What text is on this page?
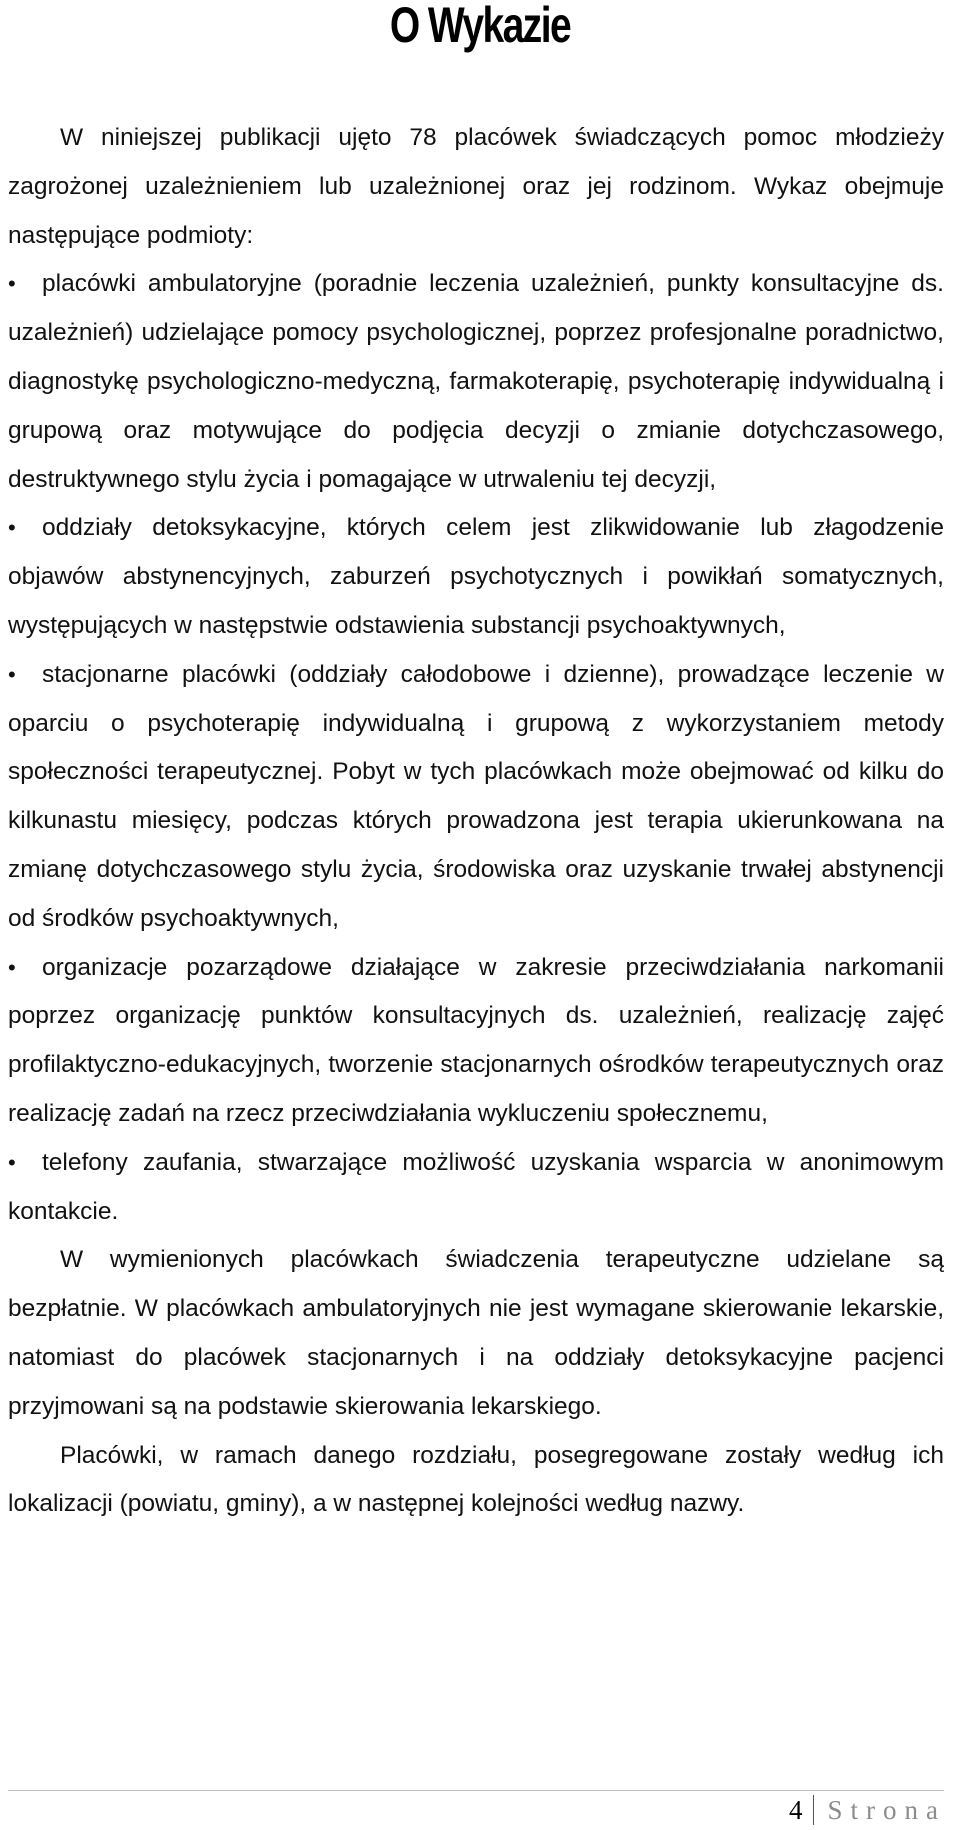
O Wykazie

W niniejszej publikacji ujęto 78 placówek świadczących pomoc młodzieży zagrożonej uzależnieniem lub uzależnionej oraz jej rodzinom. Wykaz obejmuje następujące podmioty:

• placówki ambulatoryjne (poradnie leczenia uzależnień, punkty konsultacyjne ds. uzależnień) udzielające pomocy psychologicznej, poprzez profesjonalne poradnictwo, diagnostykę psychologiczno-medyczną, farmakoterapię, psychoterapię indywidualną i grupową oraz motywujące do podjęcia decyzji o zmianie dotychczasowego, destruktywnego stylu życia i pomagające w utrwaleniu tej decyzji,
• oddziały detoksykacyjne, których celem jest zlikwidowanie lub złagodzenie objawów abstynencyjnych, zaburzeń psychotycznych i powikłań somatycznych, występujących w następstwie odstawienia substancji psychoaktywnych,
• stacjonarne placówki (oddziały całodobowe i dzienne), prowadzące leczenie w oparciu o psychoterapię indywidualną i grupową z wykorzystaniem metody społeczności terapeutycznej. Pobyt w tych placówkach może obejmować od kilku do kilkunastu miesięcy, podczas których prowadzona jest terapia ukierunkowana na zmianę dotychczasowego stylu życia, środowiska oraz uzyskanie trwałej abstynencji od środków psychoaktywnych,
• organizacje pozarządowe działające w zakresie przeciwdziałania narkomanii poprzez organizację punktów konsultacyjnych ds. uzależnień, realizację zajęć profilaktyczno-edukacyjnych, tworzenie stacjonarnych ośrodków terapeutycznych oraz realizację zadań na rzecz przeciwdziałania wykluczeniu społecznemu,
• telefony zaufania, stwarzające możliwość uzyskania wsparcia w anonimowym kontakcie.

W wymienionych placówkach świadczenia terapeutyczne udzielane są bezpłatnie. W placówkach ambulatoryjnych nie jest wymagane skierowanie lekarskie, natomiast do placówek stacjonarnych i na oddziały detoksykacyjne pacjenci przyjmowani są na podstawie skierowania lekarskiego.

Placówki, w ramach danego rozdziału, posegregowane zostały według ich lokalizacji (powiatu, gminy), a w następnej kolejności według nazwy.

4 Strona
